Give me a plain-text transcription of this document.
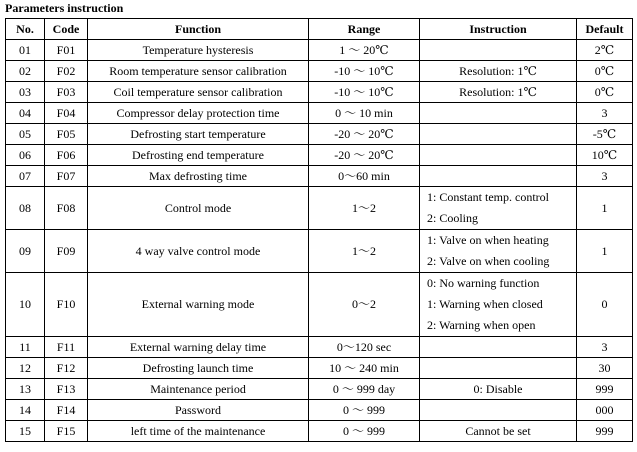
Parameters instruction
No.	Code	Function	Range	Instruction	Default
01	F01	Temperature hysteresis	1 ～ 20℃		2℃
02	F02	Room temperature sensor calibration	-10 ～ 10℃	Resolution: 1℃	0℃
03	F03	Coil temperature sensor calibration	-10 ～ 10℃	Resolution: 1℃	0℃
04	F04	Compressor delay protection time	0 ～ 10 min		3
05	F05	Defrosting start temperature	-20 ～ 20℃		-5℃
06	F06	Defrosting end temperature	-20 ～ 20℃		10℃
07	F07	Max defrosting time	0～60 min		3
08	F08	Control mode	1～2	1: Constant temp. control
2: Cooling	1
09	F09	4 way valve control mode	1～2	1: Valve on when heating
2: Valve on when cooling	1
10	F10	External warning mode	0～2	0: No warning function
1: Warning when closed
2: Warning when open	0
11	F11	External warning delay time	0～120 sec		3
12	F12	Defrosting launch time	10 ～ 240 min		30
13	F13	Maintenance period	0 ～ 999 day	0: Disable	999
14	F14	Password	0 ～ 999		000
15	F15	left time of the maintenance	0 ～ 999	Cannot be set	999
